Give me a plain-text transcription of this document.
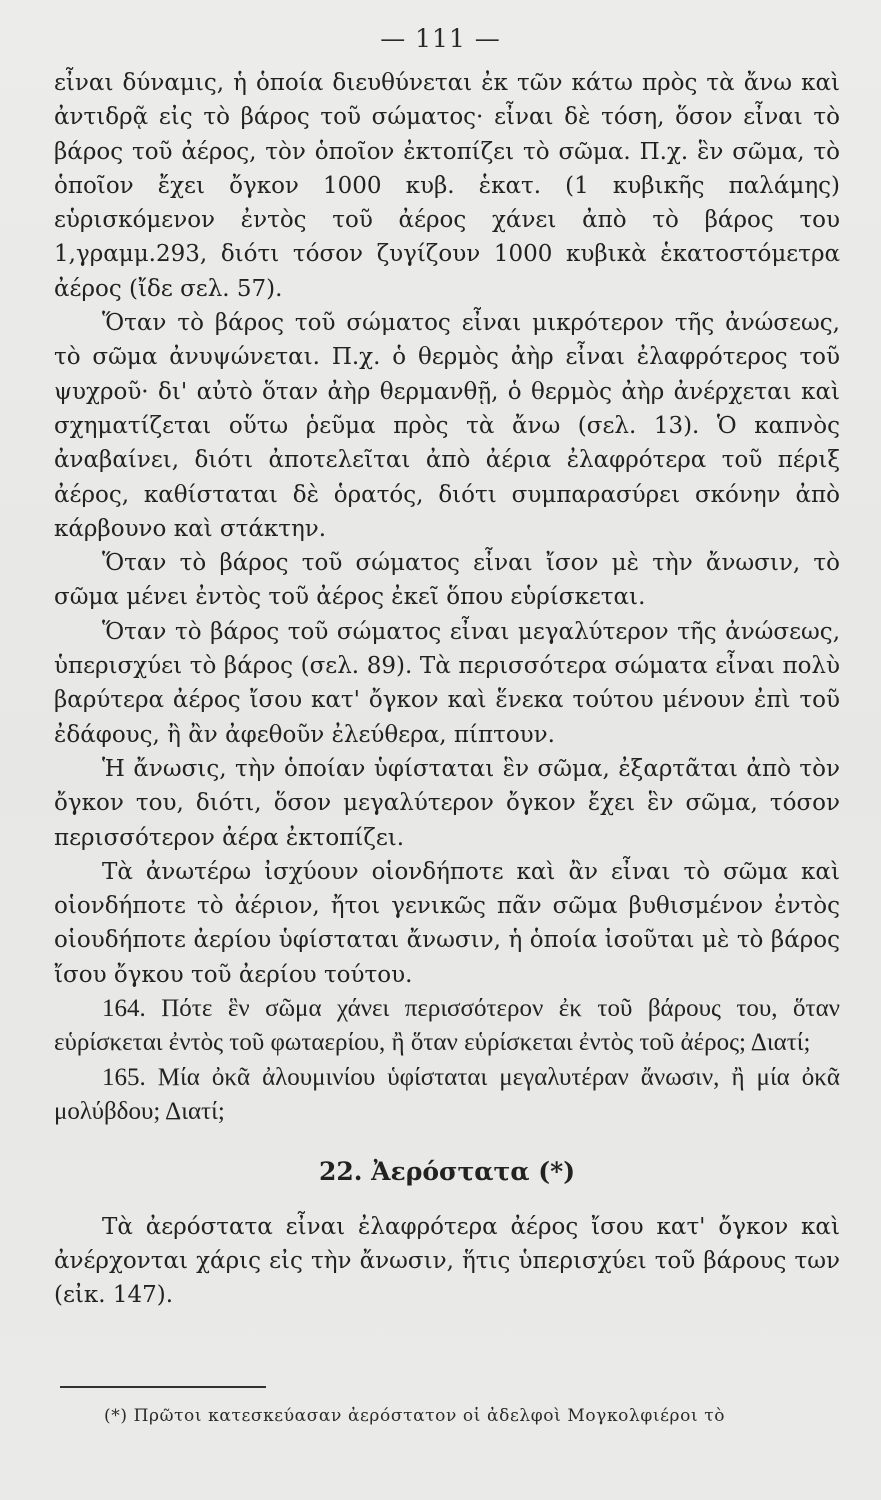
— 111 —

εἶναι δύναμις, ἡ ὁποία διευθύνεται ἐκ τῶν κάτω πρὸς τὰ ἄνω καὶ ἀντιδρᾷ εἰς τὸ βάρος τοῦ σώματος· εἶναι δὲ τόση, ὅσον εἶναι τὸ βάρος τοῦ ἀέρος, τὸν ὁποῖον ἐκτοπίζει τὸ σῶμα. Π.χ. ἓν σῶμα, τὸ ὁποῖον ἔχει ὄγκον 1000 κυβ. ἑκατ. (1 κυβικῆς παλάμης) εὑρισκόμενον ἐντὸς τοῦ ἀέρος χάνει ἀπὸ τὸ βάρος του 1,γραμμ.293, διότι τόσον ζυγίζουν 1000 κυβικὰ ἑκατοστόμετρα ἀέρος (ἴδε σελ. 57).

Ὅταν τὸ βάρος τοῦ σώματος εἶναι μικρότερον τῆς ἀνώσεως, τὸ σῶμα ἀνυψώνεται. Π.χ. ὁ θερμὸς ἀὴρ εἶναι ἐλαφρότερος τοῦ ψυχροῦ· δι' αὐτὸ ὅταν ἀὴρ θερμανθῇ, ὁ θερμὸς ἀὴρ ἀνέρχεται καὶ σχηματίζεται οὕτω ῥεῦμα πρὸς τὰ ἄνω (σελ. 13). Ὁ καπνὸς ἀναβαίνει, διότι ἀποτελεῖται ἀπὸ ἀέρια ἐλαφρότερα τοῦ πέριξ ἀέρος, καθίσταται δὲ ὁρατός, διότι συμπαρασύρει σκόνην ἀπὸ κάρβουνο καὶ στάκτην.

Ὅταν τὸ βάρος τοῦ σώματος εἶναι ἴσον μὲ τὴν ἄνωσιν, τὸ σῶμα μένει ἐντὸς τοῦ ἀέρος ἐκεῖ ὅπου εὑρίσκεται.

Ὅταν τὸ βάρος τοῦ σώματος εἶναι μεγαλύτερον τῆς ἀνώσεως, ὑπερισχύει τὸ βάρος (σελ. 89). Τὰ περισσότερα σώματα εἶναι πολὺ βαρύτερα ἀέρος ἴσου κατ' ὄγκον καὶ ἕνεκα τούτου μένουν ἐπὶ τοῦ ἐδάφους, ἢ ἂν ἀφεθοῦν ἐλεύθερα, πίπτουν.

Ἡ ἄνωσις, τὴν ὁποίαν ὑφίσταται ἓν σῶμα, ἐξαρτᾶται ἀπὸ τὸν ὄγκον του, διότι, ὅσον μεγαλύτερον ὄγκον ἔχει ἓν σῶμα, τόσον περισσότερον ἀέρα ἐκτοπίζει.

Τὰ ἀνωτέρω ἰσχύουν οἱονδήποτε καὶ ἂν εἶναι τὸ σῶμα καὶ οἱονδήποτε τὸ ἀέριον, ἤτοι γενικῶς πᾶν σῶμα βυθισμένον ἐντὸς οἱουδήποτε ἀερίου ὑφίσταται ἄνωσιν, ἡ ὁποία ἰσοῦται μὲ τὸ βάρος ἴσου ὄγκου τοῦ ἀερίου τούτου.

164. Πότε ἓν σῶμα χάνει περισσότερον ἐκ τοῦ βάρους του, ὅταν εὑρίσκεται ἐντὸς τοῦ φωταερίου, ἢ ὅταν εὑρίσκεται ἐντὸς τοῦ ἀέρος; Διατί;

165. Μία ὀκᾶ ἀλουμινίου ὑφίσταται μεγαλυτέραν ἄνωσιν, ἢ μία ὀκᾶ μολύβδου; Διατί;

22. Ἀερόστατα (*)

Τὰ ἀερόστατα εἶναι ἐλαφρότερα ἀέρος ἴσου κατ' ὄγκον καὶ ἀνέρχονται χάρις εἰς τὴν ἄνωσιν, ἥτις ὑπερισχύει τοῦ βάρους των (εἰκ. 147).

(*) Πρῶτοι κατεσκεύασαν ἀερόστατον οἱ ἀδελφοὶ Μογκολφιέροι τὸ
